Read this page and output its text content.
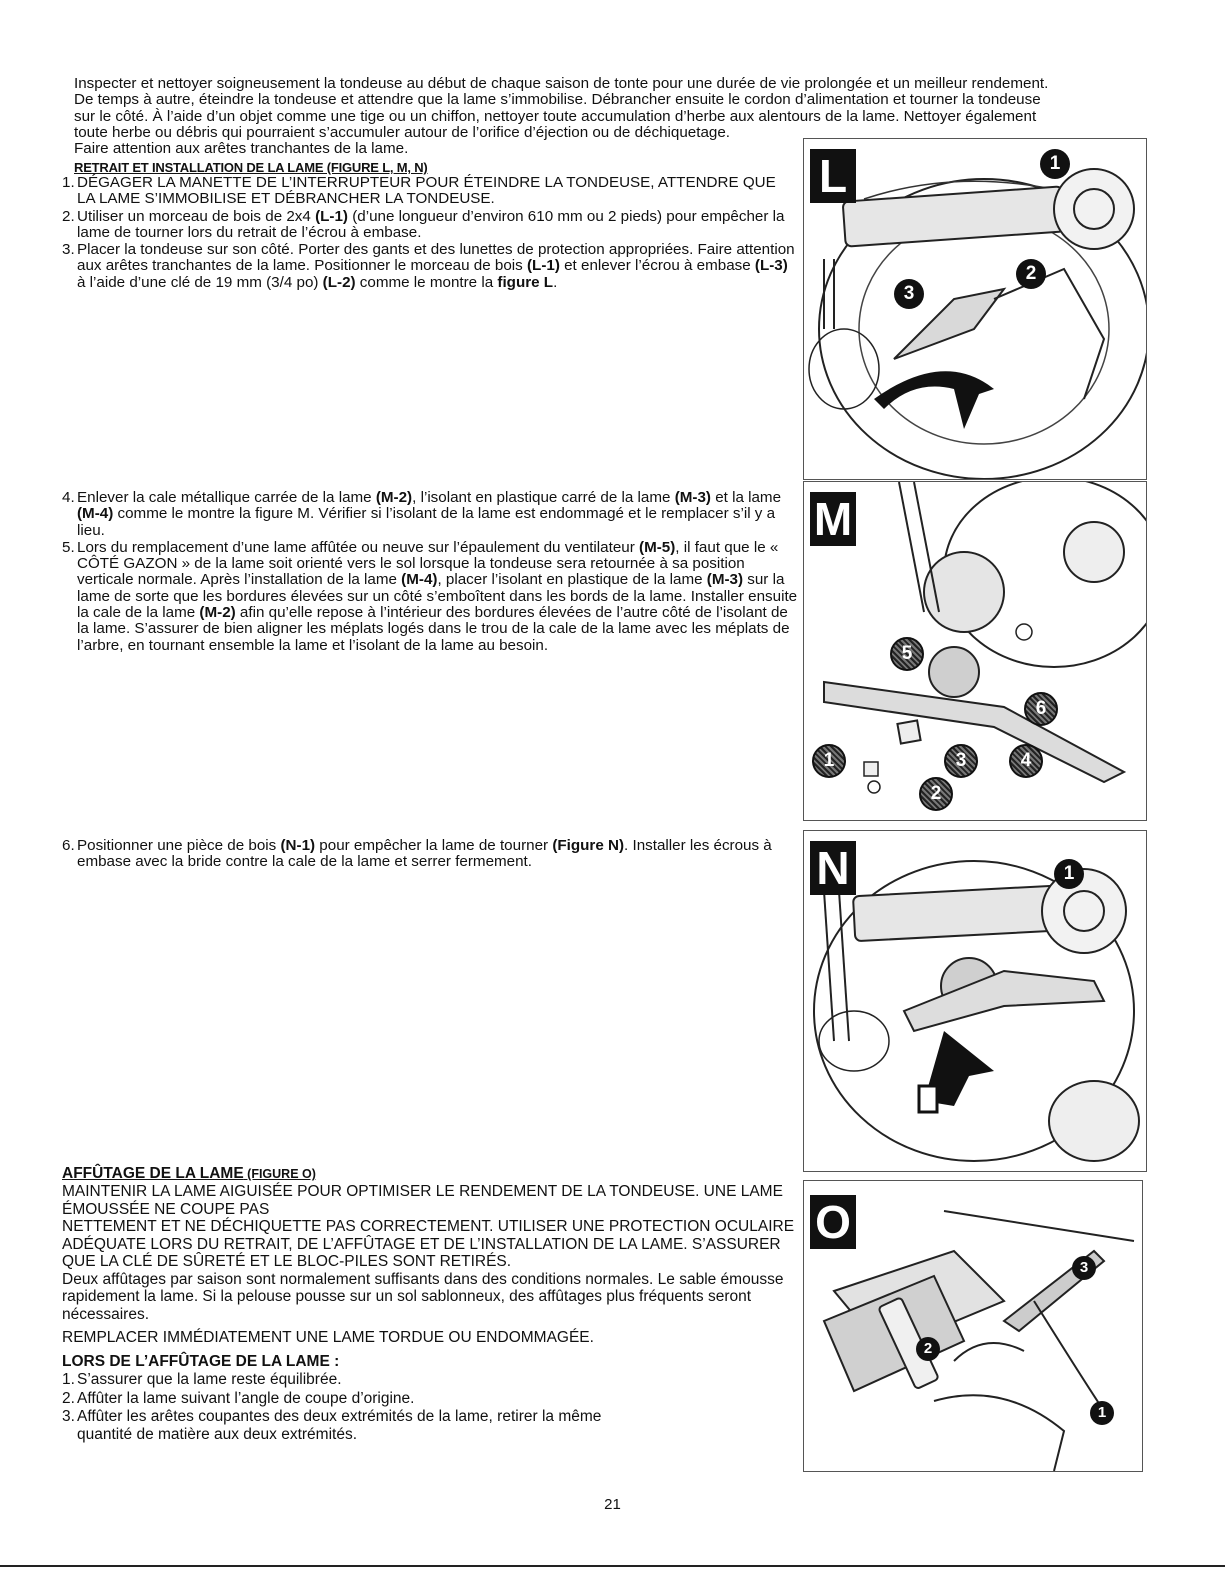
Inspecter et nettoyer soigneusement la tondeuse au début de chaque saison de tonte pour une durée de vie prolongée et un meilleur rendement.

De temps à autre, éteindre la tondeuse et attendre que la lame s’immobilise. Débrancher ensuite le cordon d’alimentation et tourner la tondeuse

sur le côté. À l’aide d’un objet comme une tige ou un chiffon, nettoyer toute accumulation d’herbe aux alentours de la lame. Nettoyer également

toute herbe ou débris qui pourraient s’accumuler autour de l’orifice d’éjection ou de déchiquetage.

Faire attention aux arêtes tranchantes de la lame.

RETRAIT ET INSTALLATION DE LA LAME (FIGURE L, M, N)
1. DÉGAGER LA MANETTE DE L’INTERRUPTEUR POUR ÉTEINDRE LA TONDEUSE, ATTENDRE QUE LA LAME S’IMMOBILISE ET DÉBRANCHER LA TONDEUSE.
2. Utiliser un morceau de bois de 2x4 (L-1) (d’une longueur d’environ 610 mm ou 2 pieds) pour empêcher la lame de tourner lors du retrait de l’écrou à embase.
3. Placer la tondeuse sur son côté. Porter des gants et des lunettes de protection appropriées. Faire attention aux arêtes tranchantes de la lame. Positionner le morceau de bois (L-1) et enlever l’écrou à embase (L-3) à l’aide d’une clé de 19 mm (3/4 po) (L-2) comme le montre la figure L.
4. Enlever la cale métallique carrée de la lame (M-2), l’isolant en plastique carré de la lame (M-3) et la lame (M-4) comme le montre la figure M. Vérifier si l’isolant de la lame est endommagé et le remplacer s’il y a lieu.
5. Lors du remplacement d’une lame affûtée ou neuve sur l’épaulement du ventilateur (M-5), il faut que le « CÔTÉ GAZON » de la lame soit orienté vers le sol lorsque la tondeuse sera retournée à sa position verticale normale. Après l’installation de la lame (M-4), placer l’isolant en plastique de la lame (M-3) sur la lame de sorte que les bordures élevées sur un côté s’emboîtent dans les bords de la lame. Installer ensuite la cale de la lame (M-2) afin qu’elle repose à l’intérieur des bordures élevées de l’autre côté de l’isolant de la lame. S’assurer de bien aligner les méplats logés dans le trou de la cale de la lame avec les méplats de l’arbre, en tournant ensemble la lame et l’isolant de la lame au besoin.
6. Positionner une pièce de bois (N-1) pour empêcher la lame de tourner (Figure N). Installer les écrous à embase avec la bride contre la cale de la lame et serrer fermement.
AFFÛTAGE DE LA LAME (FIGURE O)
MAINTENIR LA LAME AIGUISÉE POUR OPTIMISER LE RENDEMENT DE LA TONDEUSE. UNE LAME ÉMOUSSÉE NE COUPE PAS
NETTEMENT ET NE DÉCHIQUETTE PAS CORRECTEMENT. UTILISER UNE PROTECTION OCULAIRE ADÉQUATE LORS DU RETRAIT, DE L’AFFÛTAGE ET DE L’INSTALLATION DE LA LAME. S’ASSURER QUE LA CLÉ DE SÛRETÉ ET LE BLOC-PILES SONT RETIRÉS.
Deux affûtages par saison sont normalement suffisants dans des conditions normales. Le sable émousse rapidement la lame. Si la pelouse pousse sur un sol sablonneux, des affûtages plus fréquents seront nécessaires.
REMPLACER IMMÉDIATEMENT UNE LAME TORDUE OU ENDOMMAGÉE.
LORS DE L’AFFÛTAGE DE LA LAME :
1. S’assurer que la lame reste équilibrée.
2. Affûter la lame suivant l’angle de coupe d’origine.
3. Affûter les arêtes coupantes des deux extrémités de la lame, retirer la même quantité de matière aux deux extrémités.
L	1
2
3
M
5
6
1	3	4
2
N	1
O
3
2
1
21
